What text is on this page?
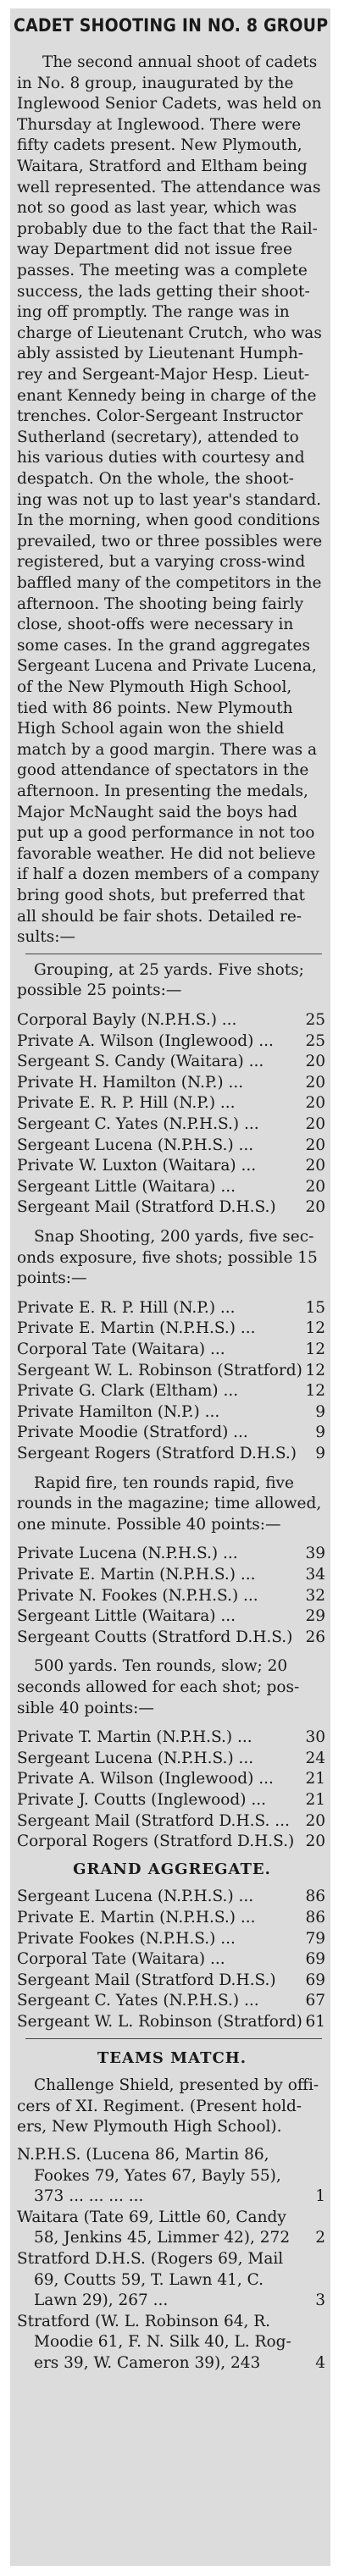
CADET SHOOTING IN NO. 8 GROUP
The second annual shoot of cadets
in No. 8 group, inaugurated by the
Inglewood Senior Cadets, was held on
Thursday at Inglewood. There were
fifty cadets present. New Plymouth,
Waitara, Stratford and Eltham being
well represented. The attendance was
not so good as last year, which was
probably due to the fact that the Rail-
way Department did not issue free
passes. The meeting was a complete
success, the lads getting their shoot-
ing off promptly. The range was in
charge of Lieutenant Crutch, who was
ably assisted by Lieutenant Humph-
rey and Sergeant-Major Hesp. Lieut-
enant Kennedy being in charge of the
trenches. Color-Sergeant Instructor
Sutherland (secretary), attended to
his various duties with courtesy and
despatch. On the whole, the shoot-
ing was not up to last year's standard.
In the morning, when good conditions
prevailed, two or three possibles were
registered, but a varying cross-wind
baffled many of the competitors in the
afternoon. The shooting being fairly
close, shoot-offs were necessary in
some cases. In the grand aggregates
Sergeant Lucena and Private Lucena,
of the New Plymouth High School,
tied with 86 points. New Plymouth
High School again won the shield
match by a good margin. There was a
good attendance of spectators in the
afternoon. In presenting the medals,
Major McNaught said the boys had
put up a good performance in not too
favorable weather. He did not believe
if half a dozen members of a company
bring good shots, but preferred that
all should be fair shots. Detailed re-
sults:—
Grouping, at 25 yards. Five shots;
possible 25 points:—
Corporal Bayly (N.P.H.S.) ...	25
Private A. Wilson (Inglewood) ...	25
Sergeant S. Candy (Waitara) ...	20
Private H. Hamilton (N.P.) ...	20
Private E. R. P. Hill (N.P.) ...	20
Sergeant C. Yates (N.P.H.S.) ...	20
Sergeant Lucena (N.P.H.S.) ...	20
Private W. Luxton (Waitara) ...	20
Sergeant Little (Waitara) ...	20
Sergeant Mail (Stratford D.H.S.)	20
Snap Shooting, 200 yards, five sec-
onds exposure, five shots; possible 15
points:—
Private E. R. P. Hill (N.P.) ...	15
Private E. Martin (N.P.H.S.) ...	12
Corporal Tate (Waitara) ...	12
Sergeant W. L. Robinson (Stratford) 12
Private G. Clark (Eltham) ...	12
Private Hamilton (N.P.) ...	9
Private Moodie (Stratford) ...	9
Sergeant Rogers (Stratford D.H.S.)	9
Rapid fire, ten rounds rapid, five
rounds in the magazine; time allowed,
one minute. Possible 40 points:—
Private Lucena (N.P.H.S.) ...	39
Private E. Martin (N.P.H.S.) ...	34
Private N. Fookes (N.P.H.S.) ...	32
Sergeant Little (Waitara) ...	29
Sergeant Coutts (Stratford D.H.S.) 26
500 yards. Ten rounds, slow; 20
seconds allowed for each shot; pos-
sible 40 points:—
Private T. Martin (N.P.H.S.) ...	30
Sergeant Lucena (N.P.H.S.) ...	24
Private A. Wilson (Inglewood) ...	21
Private J. Coutts (Inglewood) ...	21
Sergeant Mail (Stratford D.H.S. ...	20
Corporal Rogers (Stratford D.H.S.) 20
GRAND AGGREGATE.
Sergeant Lucena (N.P.H.S.) ...	86
Private E. Martin (N.P.H.S.) ...	86
Private Fookes (N.P.H.S.) ...	79
Corporal Tate (Waitara) ...	69
Sergeant Mail (Stratford D.H.S.)	69
Sergeant C. Yates (N.P.H.S.) ...	67
Sergeant W. L. Robinson (Stratford) 61
TEAMS MATCH.
Challenge Shield, presented by offi-
cers of XI. Regiment. (Present hold-
ers, New Plymouth High School).
N.P.H.S. (Lucena 86, Martin 86,
Fookes 79, Yates 67, Bayly 55),
373 ... ... ... ...	1
Waitara (Tate 69, Little 60, Candy
58, Jenkins 45, Limmer 42), 272	2
Stratford D.H.S. (Rogers 69, Mail
69, Coutts 59, T. Lawn 41, C.
Lawn 29), 267 ...	3
Stratford (W. L. Robinson 64, R.
Moodie 61, F. N. Silk 40, L. Rog-
ers 39, W. Cameron 39), 243	4
